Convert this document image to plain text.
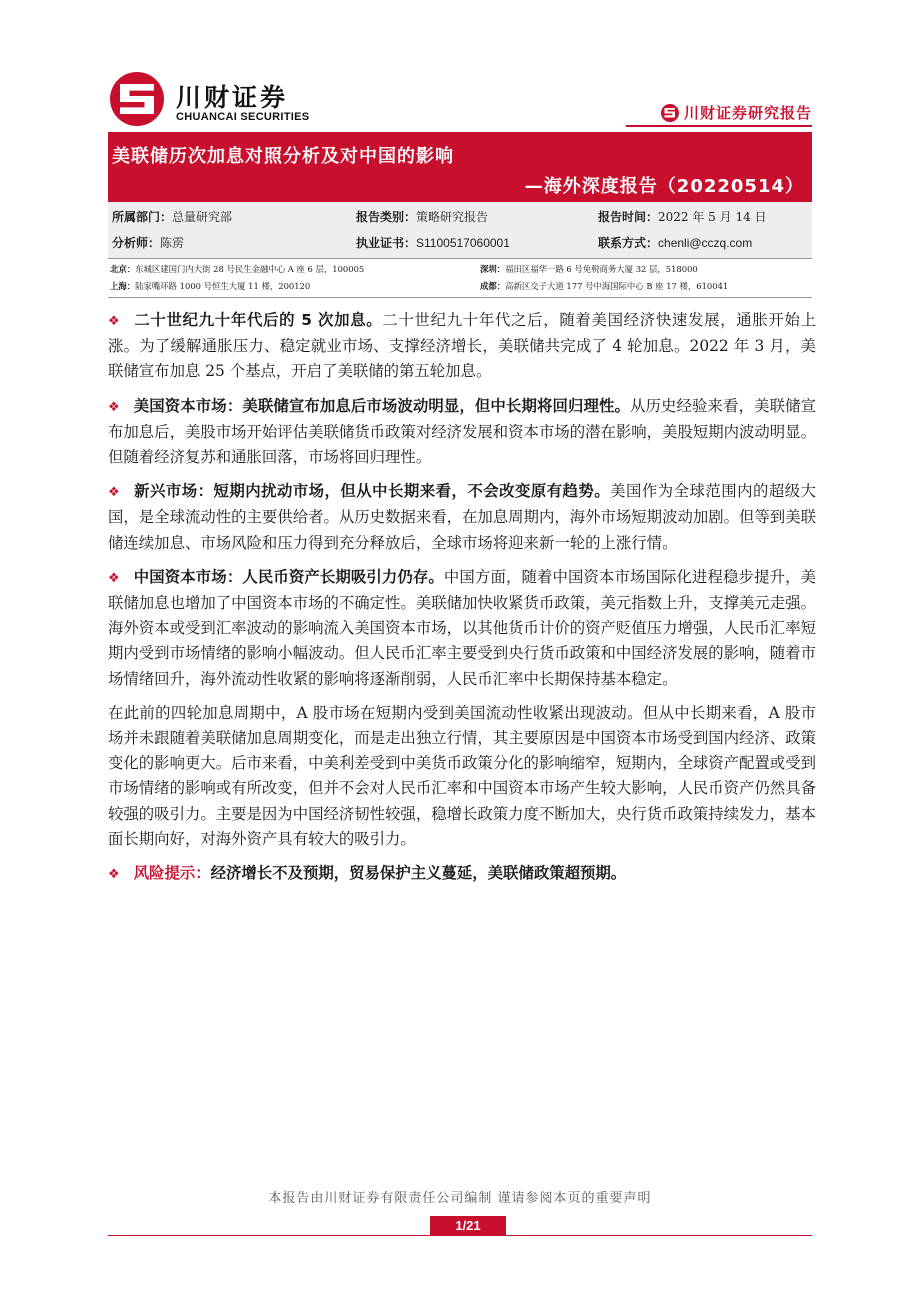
川财证券
CHUANCAI SECURITIES	川财证券研究报告
美联储历次加息对照分析及对中国的影响
—海外深度报告（20220514）
所属部门：总量研究部	报告类别：策略研究报告	报告时间：2022 年 5 月 14 日
分析师：陈雳	执业证书：S1100517060001	联系方式：chenli@cczq.com
北京：东城区建国门内大街 28 号民生金融中心 A 座 6 层，100005	深圳：福田区福华一路 6 号免税商务大厦 32 层，518000
上海：陆家嘴环路 1000 号恒生大厦 11 楼，200120	成都：高新区交子大道 177 号中海国际中心 B 座 17 楼，610041

❖ 二十世纪九十年代后的 5 次加息。二十世纪九十年代之后，随着美国经济快速发展，通胀开始上涨。为了缓解通胀压力、稳定就业市场、支撑经济增长，美联储共完成了 4 轮加息。2022 年 3 月，美联储宣布加息 25 个基点，开启了美联储的第五轮加息。

❖ 美国资本市场：美联储宣布加息后市场波动明显，但中长期将回归理性。从历史经验来看，美联储宣布加息后，美股市场开始评估美联储货币政策对经济发展和资本市场的潜在影响，美股短期内波动明显。但随着经济复苏和通胀回落，市场将回归理性。

❖ 新兴市场：短期内扰动市场，但从中长期来看，不会改变原有趋势。美国作为全球范围内的超级大国，是全球流动性的主要供给者。从历史数据来看，在加息周期内，海外市场短期波动加剧。但等到美联储连续加息、市场风险和压力得到充分释放后，全球市场将迎来新一轮的上涨行情。

❖ 中国资本市场：人民币资产长期吸引力仍存。中国方面，随着中国资本市场国际化进程稳步提升，美联储加息也增加了中国资本市场的不确定性。美联储加快收紧货币政策，美元指数上升，支撑美元走强。海外资本或受到汇率波动的影响流入美国资本市场，以其他货币计价的资产贬值压力增强，人民币汇率短期内受到市场情绪的影响小幅波动。但人民币汇率主要受到央行货币政策和中国经济发展的影响，随着市场情绪回升，海外流动性收紧的影响将逐渐削弱，人民币汇率中长期保持基本稳定。

在此前的四轮加息周期中，A 股市场在短期内受到美国流动性收紧出现波动。但从中长期来看，A 股市场并未跟随着美联储加息周期变化，而是走出独立行情，其主要原因是中国资本市场受到国内经济、政策变化的影响更大。后市来看，中美利差受到中美货币政策分化的影响缩窄，短期内，全球资产配置或受到市场情绪的影响或有所改变，但并不会对人民币汇率和中国资本市场产生较大影响，人民币资产仍然具备较强的吸引力。主要是因为中国经济韧性较强，稳增长政策力度不断加大，央行货币政策持续发力，基本面长期向好，对海外资产具有较大的吸引力。

❖ 风险提示：经济增长不及预期，贸易保护主义蔓延，美联储政策超预期。

本报告由川财证券有限责任公司编制 谨请参阅本页的重要声明
1/21
